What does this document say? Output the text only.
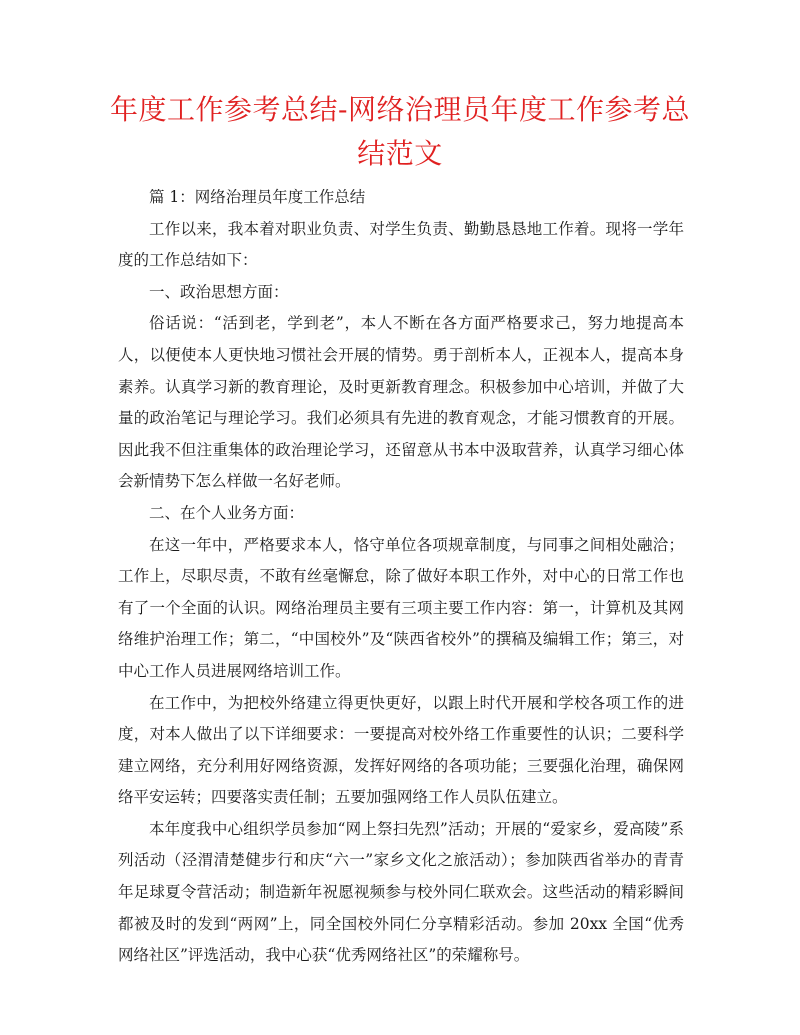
年度工作参考总结-网络治理员年度工作参考总结范文

篇 1：网络治理员年度工作总结

工作以来，我本着对职业负责、对学生负责、勤勤恳恳地工作着。现将一学年度的工作总结如下：

一、政治思想方面：

俗话说：“活到老，学到老”，本人不断在各方面严格要求己，努力地提高本人，以便使本人更快地习惯社会开展的情势。勇于剖析本人，正视本人，提高本身素养。认真学习新的教育理论，及时更新教育理念。积极参加中心培训，并做了大量的政治笔记与理论学习。我们必须具有先进的教育观念，才能习惯教育的开展。因此我不但注重集体的政治理论学习，还留意从书本中汲取营养，认真学习细心体会新情势下怎么样做一名好老师。

二、在个人业务方面：

在这一年中，严格要求本人，恪守单位各项规章制度，与同事之间相处融洽；工作上，尽职尽责，不敢有丝毫懈怠，除了做好本职工作外，对中心的日常工作也有了一个全面的认识。网络治理员主要有三项主要工作内容：第一，计算机及其网络维护治理工作；第二，“中国校外”及“陕西省校外”的撰稿及编辑工作；第三，对中心工作人员进展网络培训工作。

在工作中，为把校外络建立得更快更好，以跟上时代开展和学校各项工作的进度，对本人做出了以下详细要求：一要提高对校外络工作重要性的认识；二要科学建立网络，充分利用好网络资源，发挥好网络的各项功能；三要强化治理，确保网络平安运转；四要落实责任制；五要加强网络工作人员队伍建立。

本年度我中心组织学员参加“网上祭扫先烈”活动；开展的“爱家乡，爱高陵”系列活动（泾渭清楚健步行和庆“六一”家乡文化之旅活动）；参加陕西省举办的青青年足球夏令营活动；制造新年祝愿视频参与校外同仁联欢会。这些活动的精彩瞬间都被及时的发到“两网”上，同全国校外同仁分享精彩活动。参加 20xx 全国“优秀网络社区”评选活动，我中心获“优秀网络社区”的荣耀称号。
